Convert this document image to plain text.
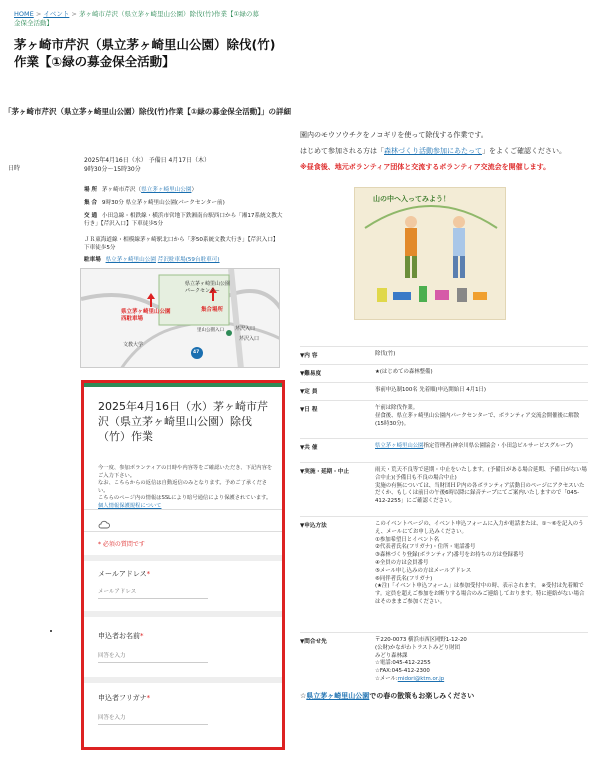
HOME > イベント > 茅ヶ崎市芹沢（県立茅ヶ崎里山公園）除伐(竹)作業【①緑の募金保全活動】
茅ヶ崎市芹沢（県立茅ヶ崎里山公園）除伐(竹)作業【①緑の募金保全活動】
「茅ヶ崎市芹沢（県立茅ヶ崎里山公園）除伐(竹)作業【①緑の募金保全活動】」の詳細
日時
2025年4月16日（水） 予備日 4月17日（木）
9時30分～15時30分
場 所 茅ヶ崎市芹沢（県立茅ヶ崎里山公園）
集 合 9時30分 県立茅ヶ崎里山公園(パークセンター前)
交 通 小田急線・相鉄線・横浜市営地下鉄湘南台駅西口から「湘17系統文教大行き」【芹沢入口】下車徒歩5分
ＪＲ東海道線・相模線茅ヶ崎駅北口から「茅50系統文教大行き」【芹沢入口】下車徒歩5分
駐車場 県立茅ヶ崎里山公園 芹沢駐車場(59台駐車可)
県立茅ヶ崎里山公園
パークセンター
県立茅ヶ崎里山公園
西駐車場
集合場所
芹沢入口
里山公園入口
芹沢入口
文教大学
47
2025年4月16日（水）茅ヶ崎市芹沢（県立茅ヶ崎里山公園）除伐（竹）作業
今一度、参加ボランティアの日時や内容等をご確認いただき、下記内容をご入力下さい。
なお、こちらからの返信は自動返信のみとなります。予めご了承ください。
こちらのページ内の情報はSSLにより暗号通信により保護されています。
個人情報保護規程について
* 必須の質問です
メールアドレス*
メールアドレス
申込者お名前*
回答を入力
申込者フリガナ*
回答を入力
園内のモウソウチクをノコギリを使って除伐する作業です。
はじめて参加される方は「森林づくり活動参加にあたって」をよくご確認ください。
※昼食後、地元ボランティア団体と交流するボランティア交流会を開催します。
山の中へ入ってみよう！
▼内 容	除伐(竹)
▼難易度	★(はじめての森林整備)
▼定 員	事前申込制100名 先着順(申込開始日 4月1日)
▼日 程	午前は除伐作業。
昼食後、県立茅ヶ崎里山公園内パークセンターで、ボランティア交流会開催後に解散(15時30分)。
▼共 催	県立茅ヶ崎里山公園指定管理者(神奈川県公園協会・小田急ビルサービスグループ)
▼実施・延期・中止	雨天・荒天不良等で延期・中止をいたします。(予備日がある場合延期、予備日がない場合中止)(予備日も不良の場合中止)
実施の有無については、当財団ＨＰ内の各ボランティア活動日のページにアクセスいただくか、もしくは前日の午後6時以降に録音テープにてご案内いたしますので「045-412-2255」にご確認ください。
▼申込方法	このイベントページの、イベント申込フォームに入力か電話または、①〜⑥を記入のうえ、メールにてお申し込みください。
①参加希望日とイベント名
②代表者氏名(フリガナ)・住所・電話番号
③森林づくり登録(ボランティア)番号をお持ちの方は登録番号
④全員の方は会員番号
⑤メール申し込みの方はメールアドレス
⑥同伴者氏名(フリガナ)
(★注)「イベント申込フォーム」は参加受付中の時、表示されます。 ※受付は先着順です。定員を超えご参加をお断りする場合のみご連絡しております。特に連絡がない場合はそのままご参加ください。
▼問合せ先	〒220-0073 横浜市西区岡野1-12-20
(公財)かながわトラストみどり財団
みどり森林課
☆電話:045-412-2255
☆FAX:045-412-2300
☆メール:midori@ktm.or.jp
☆県立茅ヶ崎里山公園での春の散策もお楽しみください
